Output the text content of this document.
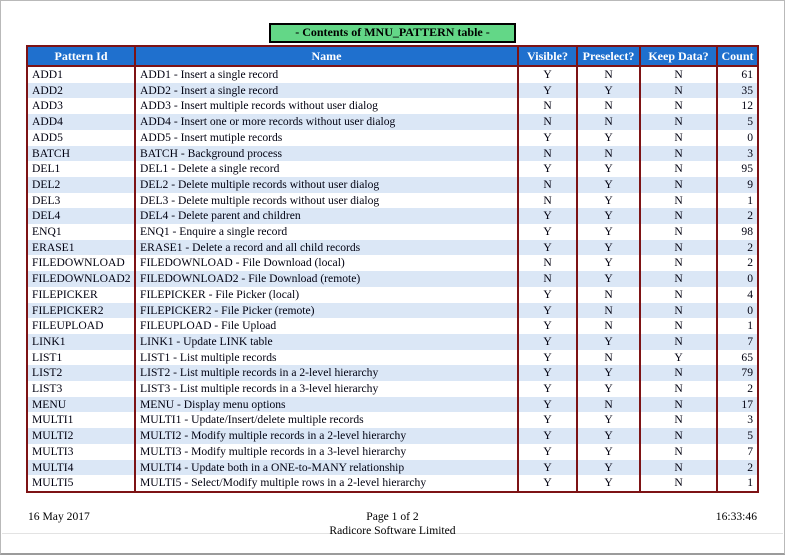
- Contents of MNU_PATTERN table -
Pattern Id	Name	Visible?	Preselect?	Keep Data?	Count
ADD1	ADD1 - Insert a single record	Y	N	N	61
ADD2	ADD2 - Insert a single record	Y	Y	N	35
ADD3	ADD3 - Insert multiple records without user dialog	N	N	N	12
ADD4	ADD4 - Insert one or more records without user dialog	N	N	N	5
ADD5	ADD5 - Insert mutiple records	Y	Y	N	0
BATCH	BATCH - Background process	N	N	N	3
DEL1	DEL1 - Delete a single record	Y	Y	N	95
DEL2	DEL2 - Delete multiple records without user dialog	N	Y	N	9
DEL3	DEL3 - Delete multiple records without user dialog	N	Y	N	1
DEL4	DEL4 - Delete parent and children	Y	Y	N	2
ENQ1	ENQ1 - Enquire a single record	Y	Y	N	98
ERASE1	ERASE1 - Delete a record and all child records	Y	Y	N	2
FILEDOWNLOAD	FILEDOWNLOAD - File Download (local)	N	Y	N	2
FILEDOWNLOAD2	FILEDOWNLOAD2 - File Download (remote)	N	Y	N	0
FILEPICKER	FILEPICKER - File Picker (local)	Y	N	N	4
FILEPICKER2	FILEPICKER2 - File Picker (remote)	Y	N	N	0
FILEUPLOAD	FILEUPLOAD - File Upload	Y	N	N	1
LINK1	LINK1 - Update LINK table	Y	Y	N	7
LIST1	LIST1 - List multiple records	Y	N	Y	65
LIST2	LIST2 - List multiple records in a 2-level hierarchy	Y	Y	N	79
LIST3	LIST3 - List multiple records in a 3-level hierarchy	Y	Y	N	2
MENU	MENU - Display menu options	Y	N	N	17
MULTI1	MULTI1 - Update/Insert/delete multiple records	Y	Y	N	3
MULTI2	MULTI2 - Modify multiple records in a 2-level hierarchy	Y	Y	N	5
MULTI3	MULTI3 - Modify multiple records in a 3-level hierarchy	Y	Y	N	7
MULTI4	MULTI4 - Update both in a ONE-to-MANY relationship	Y	Y	N	2
MULTI5	MULTI5 - Select/Modify multiple rows in a 2-level hierarchy	Y	Y	N	1
16 May 2017	Page 1 of 2
Radicore Software Limited
16:33:46
